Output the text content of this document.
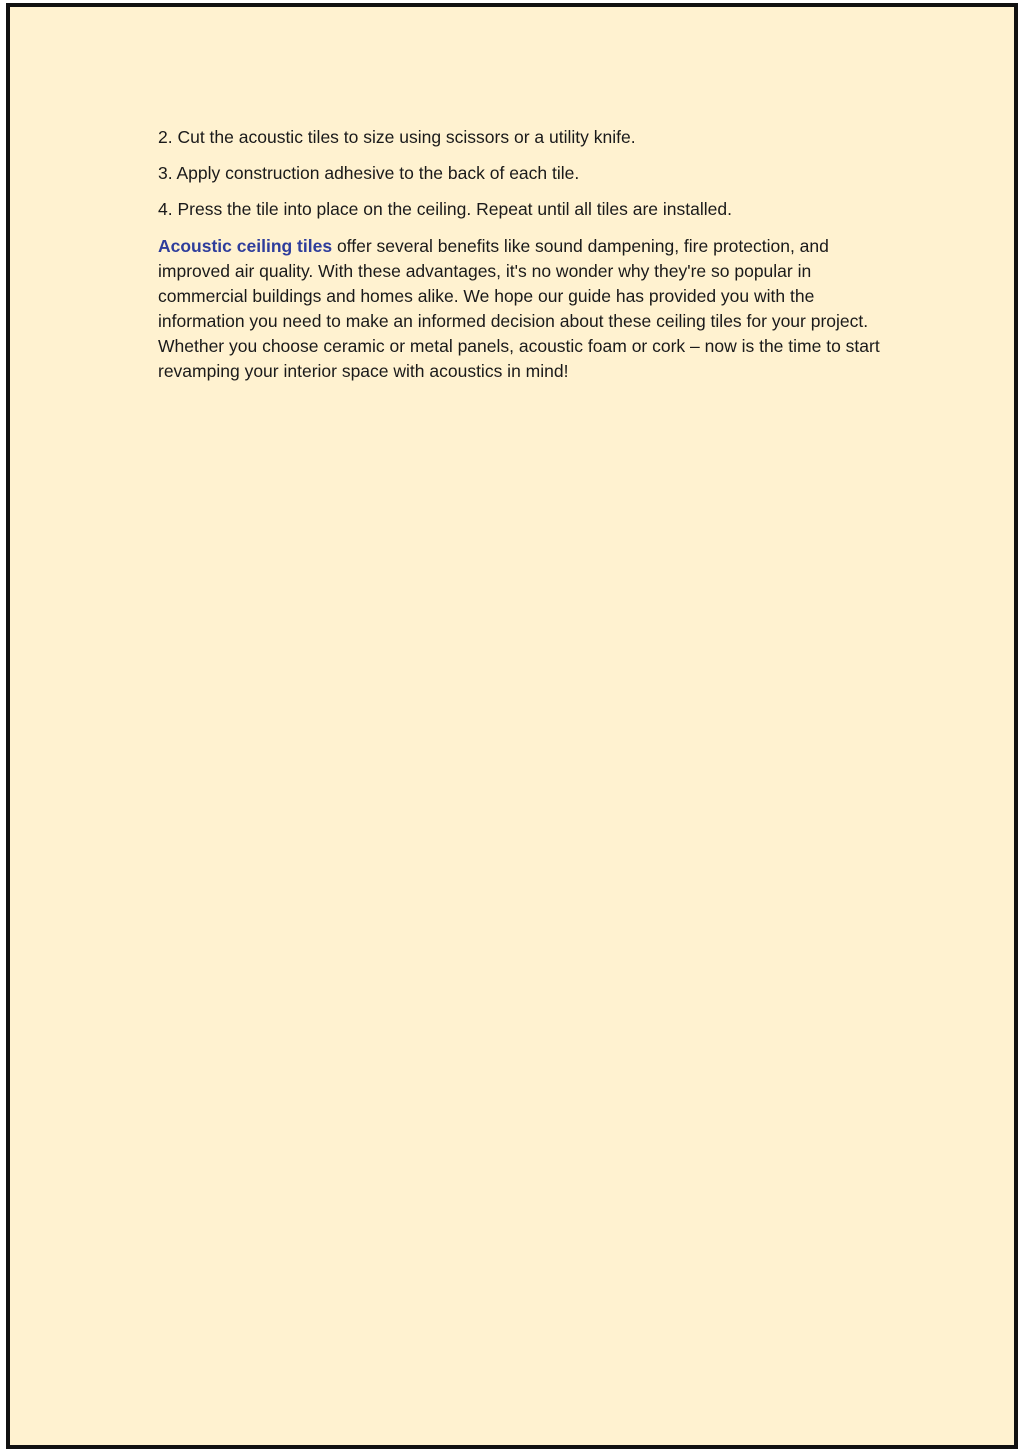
2. Cut the acoustic tiles to size using scissors or a utility knife.

3. Apply construction adhesive to the back of each tile.

4. Press the tile into place on the ceiling. Repeat until all tiles are installed.

Acoustic ceiling tiles offer several benefits like sound dampening, fire protection, and improved air quality. With these advantages, it's no wonder why they're so popular in commercial buildings and homes alike. We hope our guide has provided you with the information you need to make an informed decision about these ceiling tiles for your project. Whether you choose ceramic or metal panels, acoustic foam or cork – now is the time to start revamping your interior space with acoustics in mind!
